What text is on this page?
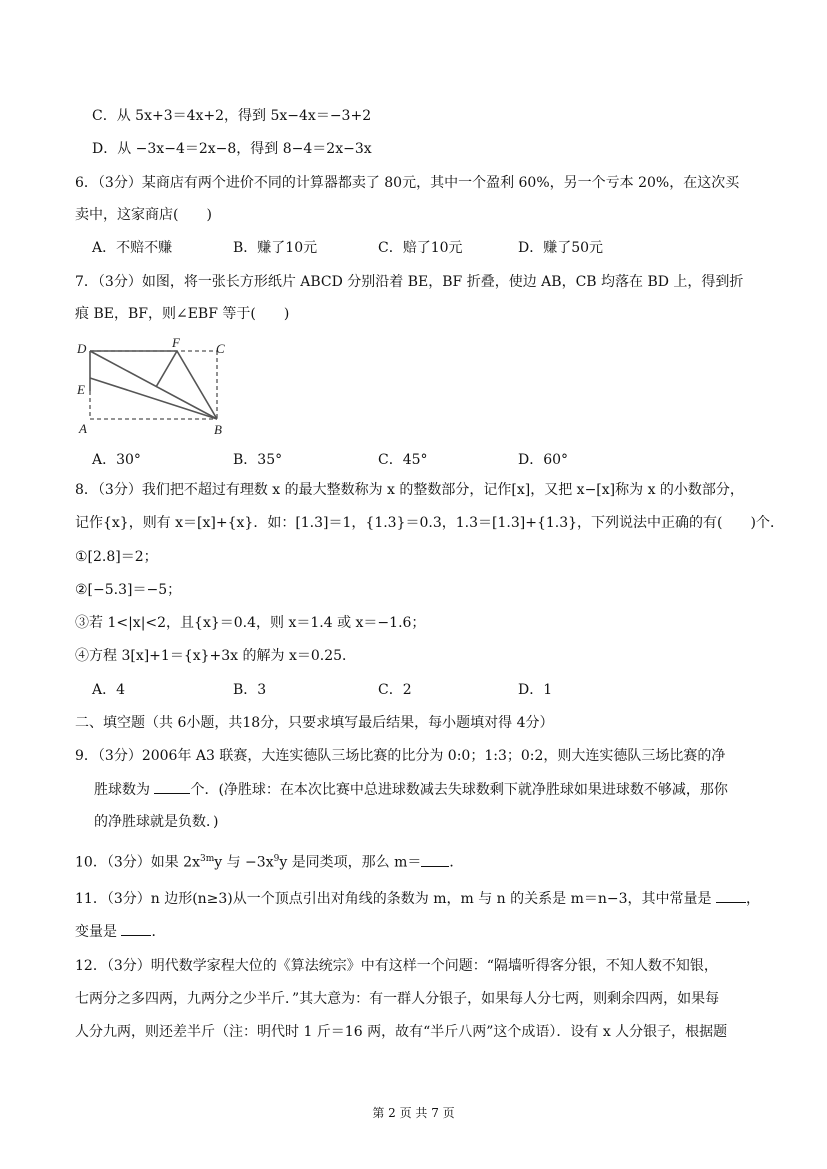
C．从 5x+3＝4x+2，得到 5x−4x＝−3+2
D．从 −3x−4＝2x−8，得到 8−4＝2x−3x
6．（3分）某商店有两个进价不同的计算器都卖了 80元，其中一个盈利 60%，另一个亏本 20%，在这次买
卖中，这家商店(　　)
A．不赔不赚	B．赚了10元	C．赔了10元	D．赚了50元
7．（3分）如图，将一张长方形纸片 ABCD 分别沿着 BE，BF 折叠，使边 AB，CB 均落在 BD 上，得到折
痕 BE，BF，则∠EBF 等于(　　)
D	F	C
E
A	B
A．30°	B．35°	C．45°	D．60°
8．（3分）我们把不超过有理数 x 的最大整数称为 x 的整数部分，记作[x]，又把 x−[x]称为 x 的小数部分，
记作{x}，则有 x＝[x]+{x}．如：[1.3]＝1，{1.3}＝0.3，1.3＝[1.3]+{1.3}，下列说法中正确的有(　　)个．
①[2.8]＝2；
②[−5.3]＝−5；
③若 1<|x|<2，且{x}＝0.4，则 x＝1.4 或 x＝−1.6；
④方程 3[x]+1＝{x}+3x 的解为 x＝0.25．
A．4	B．3	C．2	D．1
二、填空题（共 6小题，共18分，只要求填写最后结果，每小题填对得 4分）
9．（3分）2006年 A3 联赛，大连实德队三场比赛的比分为 0:0；1:3；0:2，则大连实德队三场比赛的净
胜球数为	个．(净胜球：在本次比赛中总进球数减去失球数剩下就净胜球如果进球数不够减，那你
的净胜球就是负数．)
10．（3分）如果 $2x^{3m}y$ 与 $-3x^9y$ 是同类项，那么 m＝ ．
11．（3分）n 边形(n≥3)从一个顶点引出对角线的条数为 m，m 与 n 的关系是 m＝n−3，其中常量是 ，
变量是 ．
12．（3分）明代数学家程大位的《算法统宗》中有这样一个问题：“隔墙听得客分银，不知人数不知银，
七两分之多四两，九两分之少半斤．”其大意为：有一群人分银子，如果每人分七两，则剩余四两，如果每
人分九两，则还差半斤（注：明代时 1 斤＝16 两，故有“半斤八两”这个成语）．设有 x 人分银子，根据题
第 2 页 共 7 页
